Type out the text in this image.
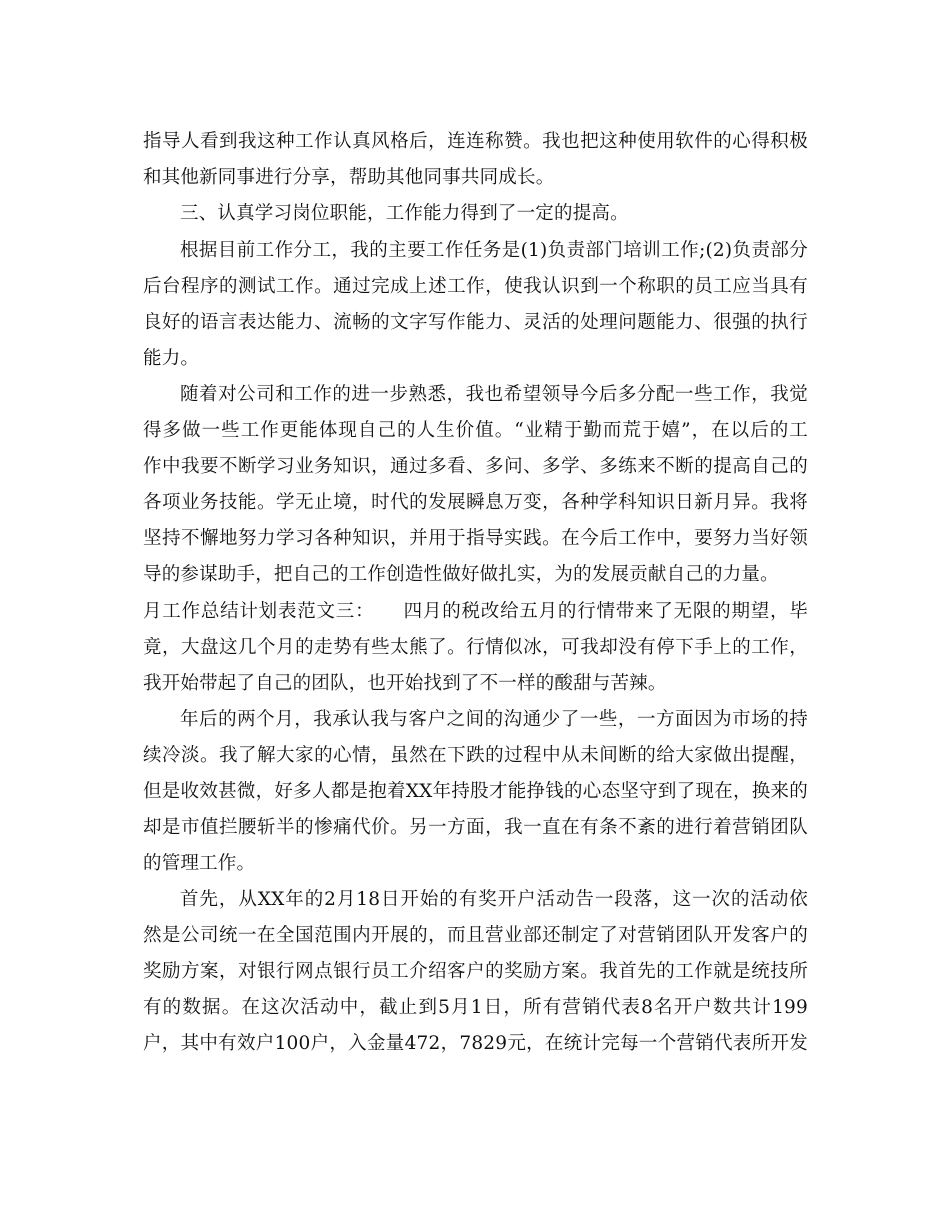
指导人看到我这种工作认真风格后，连连称赞。我也把这种使用软件的心得积极
和其他新同事进行分享，帮助其他同事共同成长。
三、认真学习岗位职能，工作能力得到了一定的提高。
根据目前工作分工，我的主要工作任务是(1)负责部门培训工作;(2)负责部分
后台程序的测试工作。通过完成上述工作，使我认识到一个称职的员工应当具有
良好的语言表达能力、流畅的文字写作能力、灵活的处理问题能力、很强的执行
能力。
随着对公司和工作的进一步熟悉，我也希望领导今后多分配一些工作，我觉
得多做一些工作更能体现自己的人生价值。“业精于勤而荒于嬉”，在以后的工
作中我要不断学习业务知识，通过多看、多问、多学、多练来不断的提高自己的
各项业务技能。学无止境，时代的发展瞬息万变，各种学科知识日新月异。我将
坚持不懈地努力学习各种知识，并用于指导实践。在今后工作中，要努力当好领
导的参谋助手，把自己的工作创造性做好做扎实，为的发展贡献自己的力量。
月工作总结计划表范文三：　　四月的税改给五月的行情带来了无限的期望，毕
竟，大盘这几个月的走势有些太熊了。行情似冰，可我却没有停下手上的工作，
我开始带起了自己的团队，也开始找到了不一样的酸甜与苦辣。
年后的两个月，我承认我与客户之间的沟通少了一些，一方面因为市场的持
续冷淡。我了解大家的心情，虽然在下跌的过程中从未间断的给大家做出提醒，
但是收效甚微，好多人都是抱着XX年持股才能挣钱的心态坚守到了现在，换来的
却是市值拦腰斩半的惨痛代价。另一方面，我一直在有条不紊的进行着营销团队
的管理工作。
首先，从XX年的2月18日开始的有奖开户活动告一段落，这一次的活动依
然是公司统一在全国范围内开展的，而且营业部还制定了对营销团队开发客户的
奖励方案，对银行网点银行员工介绍客户的奖励方案。我首先的工作就是统技所
有的数据。在这次活动中，截止到5月1日，所有营销代表8名开户数共计199
户，其中有效户100户，入金量472，7829元，在统计完每一个营销代表所开发
